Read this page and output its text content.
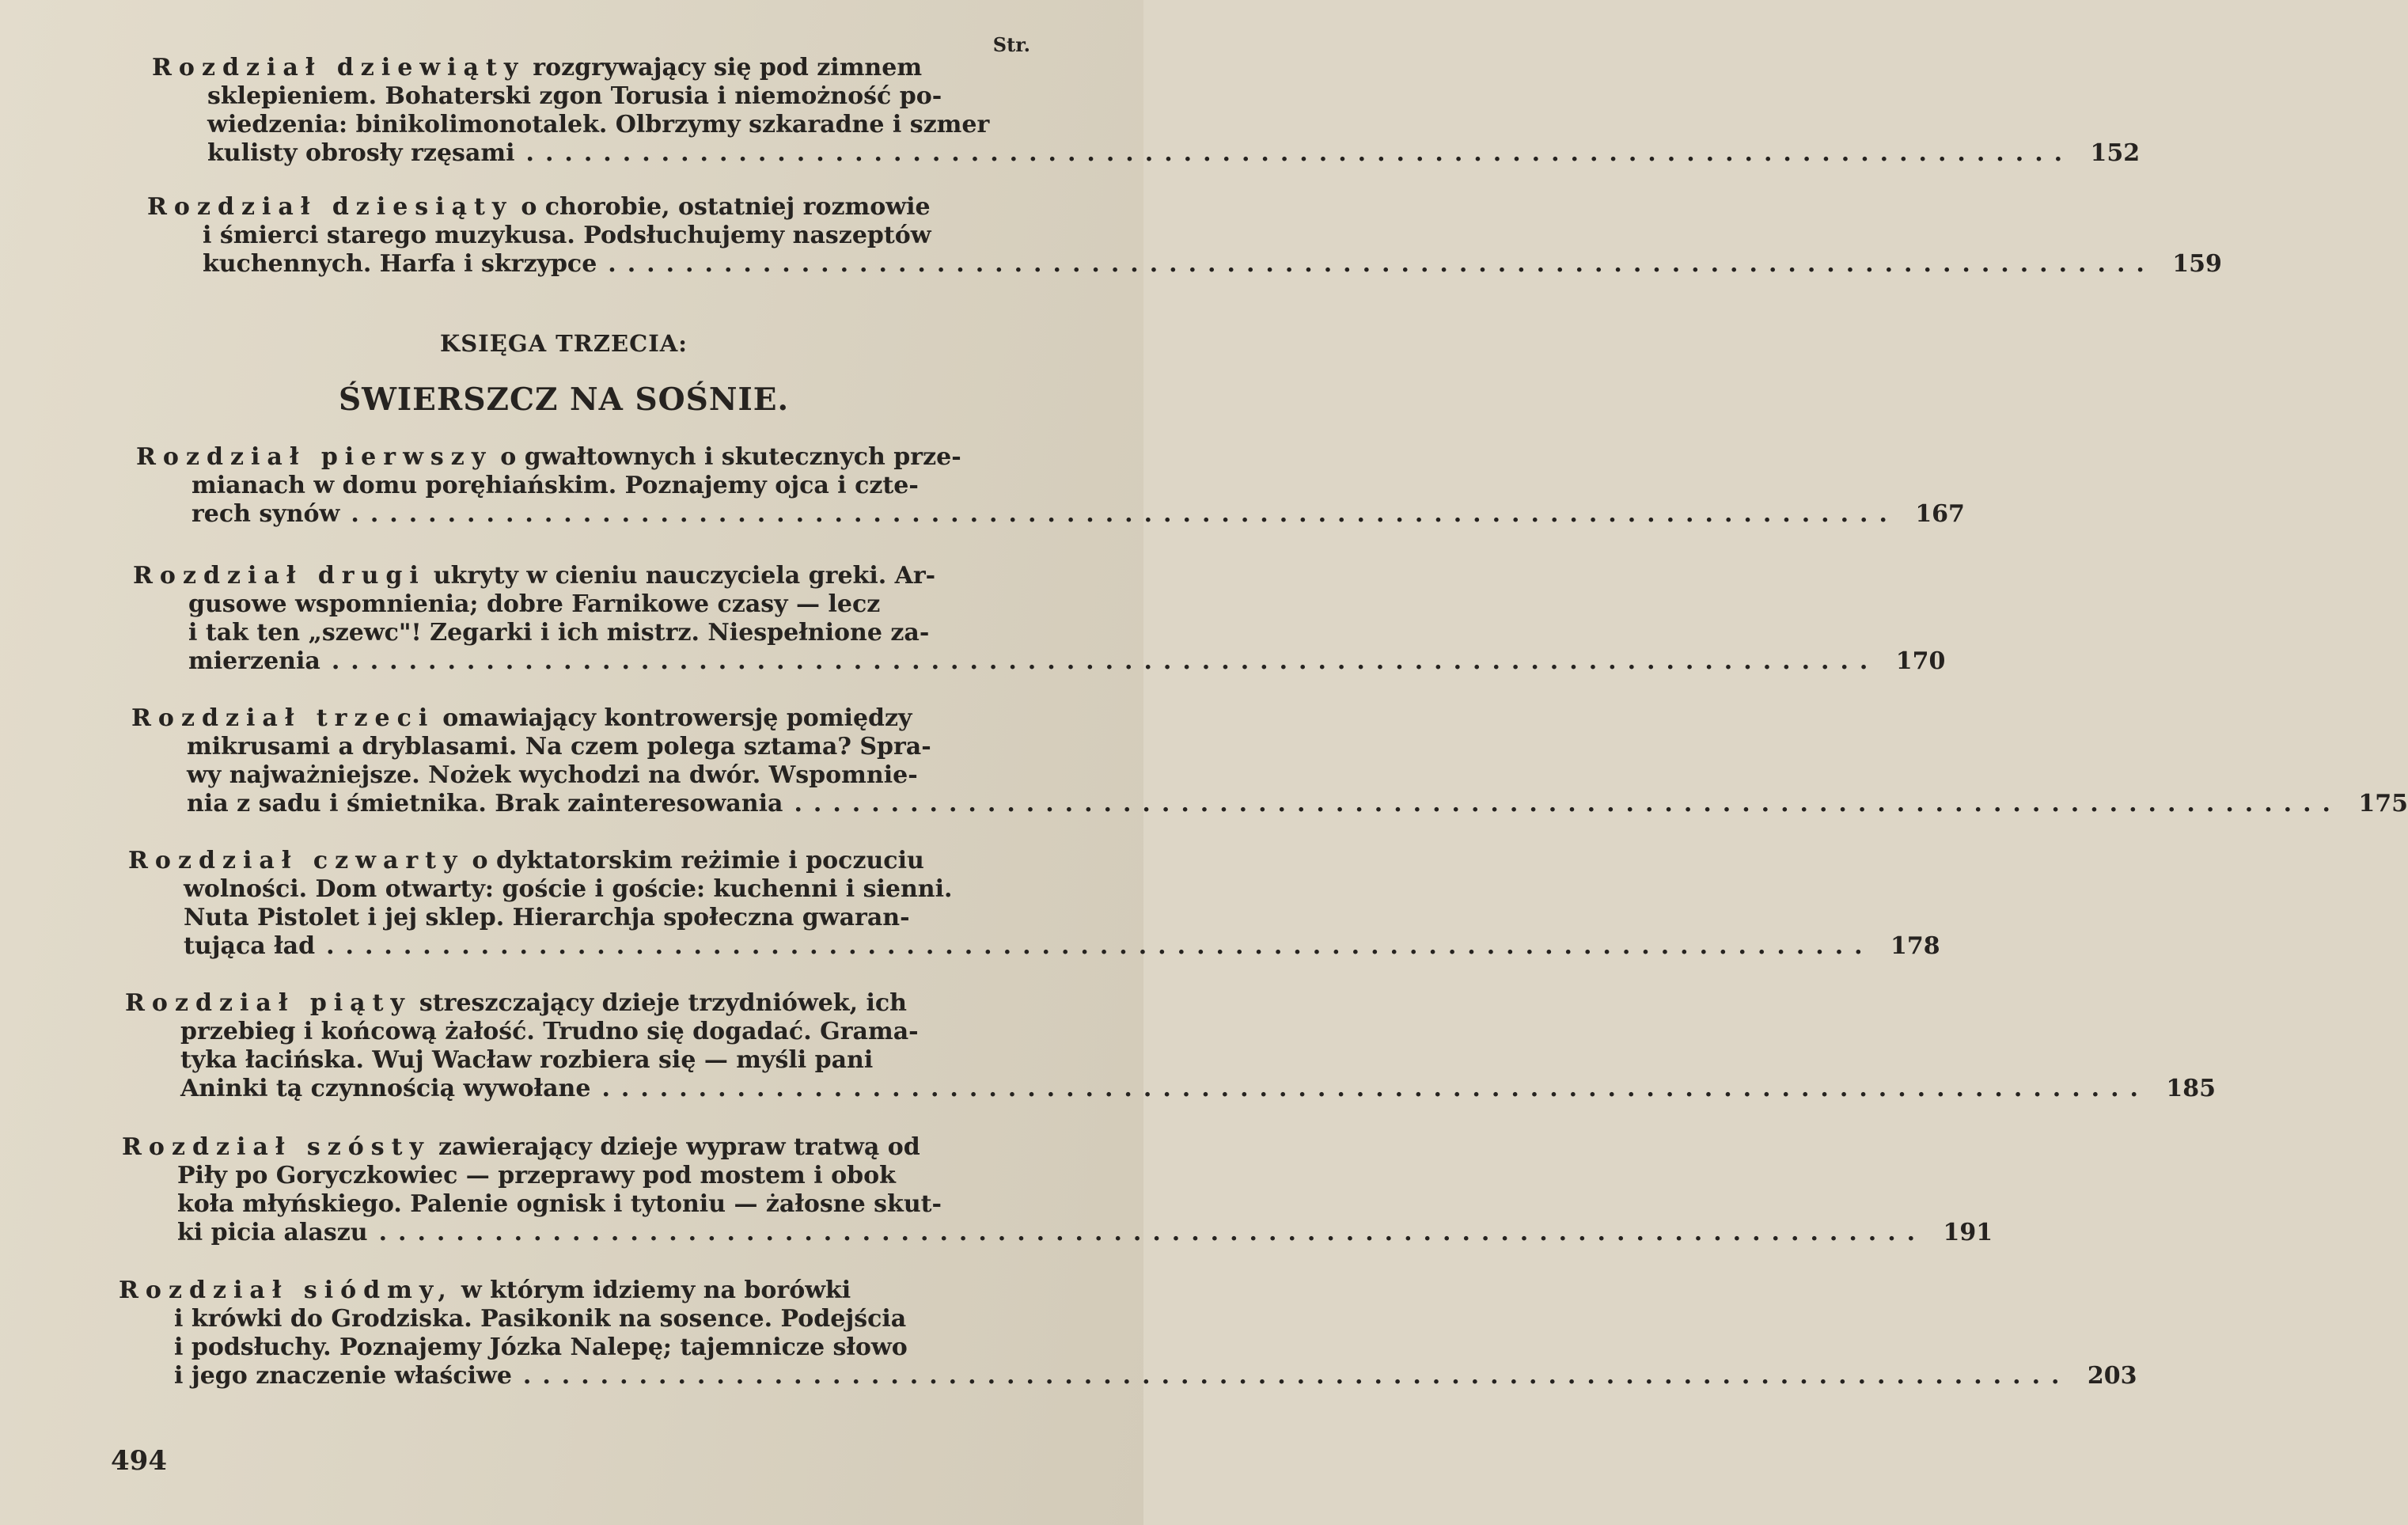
Str.
Rozdział dziewiąty rozgrywający się pod zimnem
sklepieniem. Bohaterski zgon Torusia i niemożność po-
wiedzenia: binikolimonotalek. Olbrzymy szkaradne i szmer
kulisty obrosły rzęsami ................................................................................ 152
Rozdział dziesiąty o chorobie, ostatniej rozmowie
i śmierci starego muzykusa. Podsłuchujemy naszeptów
kuchennych. Harfa i skrzypce ................................................................................ 159
KSIĘGA TRZECIA:
ŚWIERSZCZ NA SOŚNIE.
Rozdział pierwszy o gwałtownych i skutecznych prze-
mianach w domu poręhiańskim. Poznajemy ojca i czte-
rech synów ................................................................................ 167
Rozdział drugi ukryty w cieniu nauczyciela greki. Ar-
gusowe wspomnienia; dobre Farnikowe czasy — lecz
i tak ten „szewc"! Zegarki i ich mistrz. Niespełnione za-
mierzenia ................................................................................ 170
Rozdział trzeci omawiający kontrowersję pomiędzy
mikrusami a dryblasami. Na czem polega sztama? Spra-
wy najważniejsze. Nożek wychodzi na dwór. Wspomnie-
nia z sadu i śmietnika. Brak zainteresowania ................................................................................ 175
Rozdział czwarty o dyktatorskim reżimie i poczuciu
wolności. Dom otwarty: goście i goście: kuchenni i sienni.
Nuta Pistolet i jej sklep. Hierarchja społeczna gwaran-
tująca ład ................................................................................ 178
Rozdział piąty streszczający dzieje trzydniówek, ich
przebieg i końcową żałość. Trudno się dogadać. Grama-
tyka łacińska. Wuj Wacław rozbiera się — myśli pani
Aninki tą czynnością wywołane ................................................................................ 185
Rozdział szósty zawierający dzieje wypraw tratwą od
Piły po Goryczkowiec — przeprawy pod mostem i obok
koła młyńskiego. Palenie ognisk i tytoniu — żałosne skut-
ki picia alaszu ................................................................................ 191
Rozdział siódmy, w którym idziemy na borówki
i krówki do Grodziska. Pasikonik na sosence. Podejścia
i podsłuchy. Poznajemy Józka Nalepę; tajemnicze słowo
i jego znaczenie właściwe ................................................................................ 203
494
